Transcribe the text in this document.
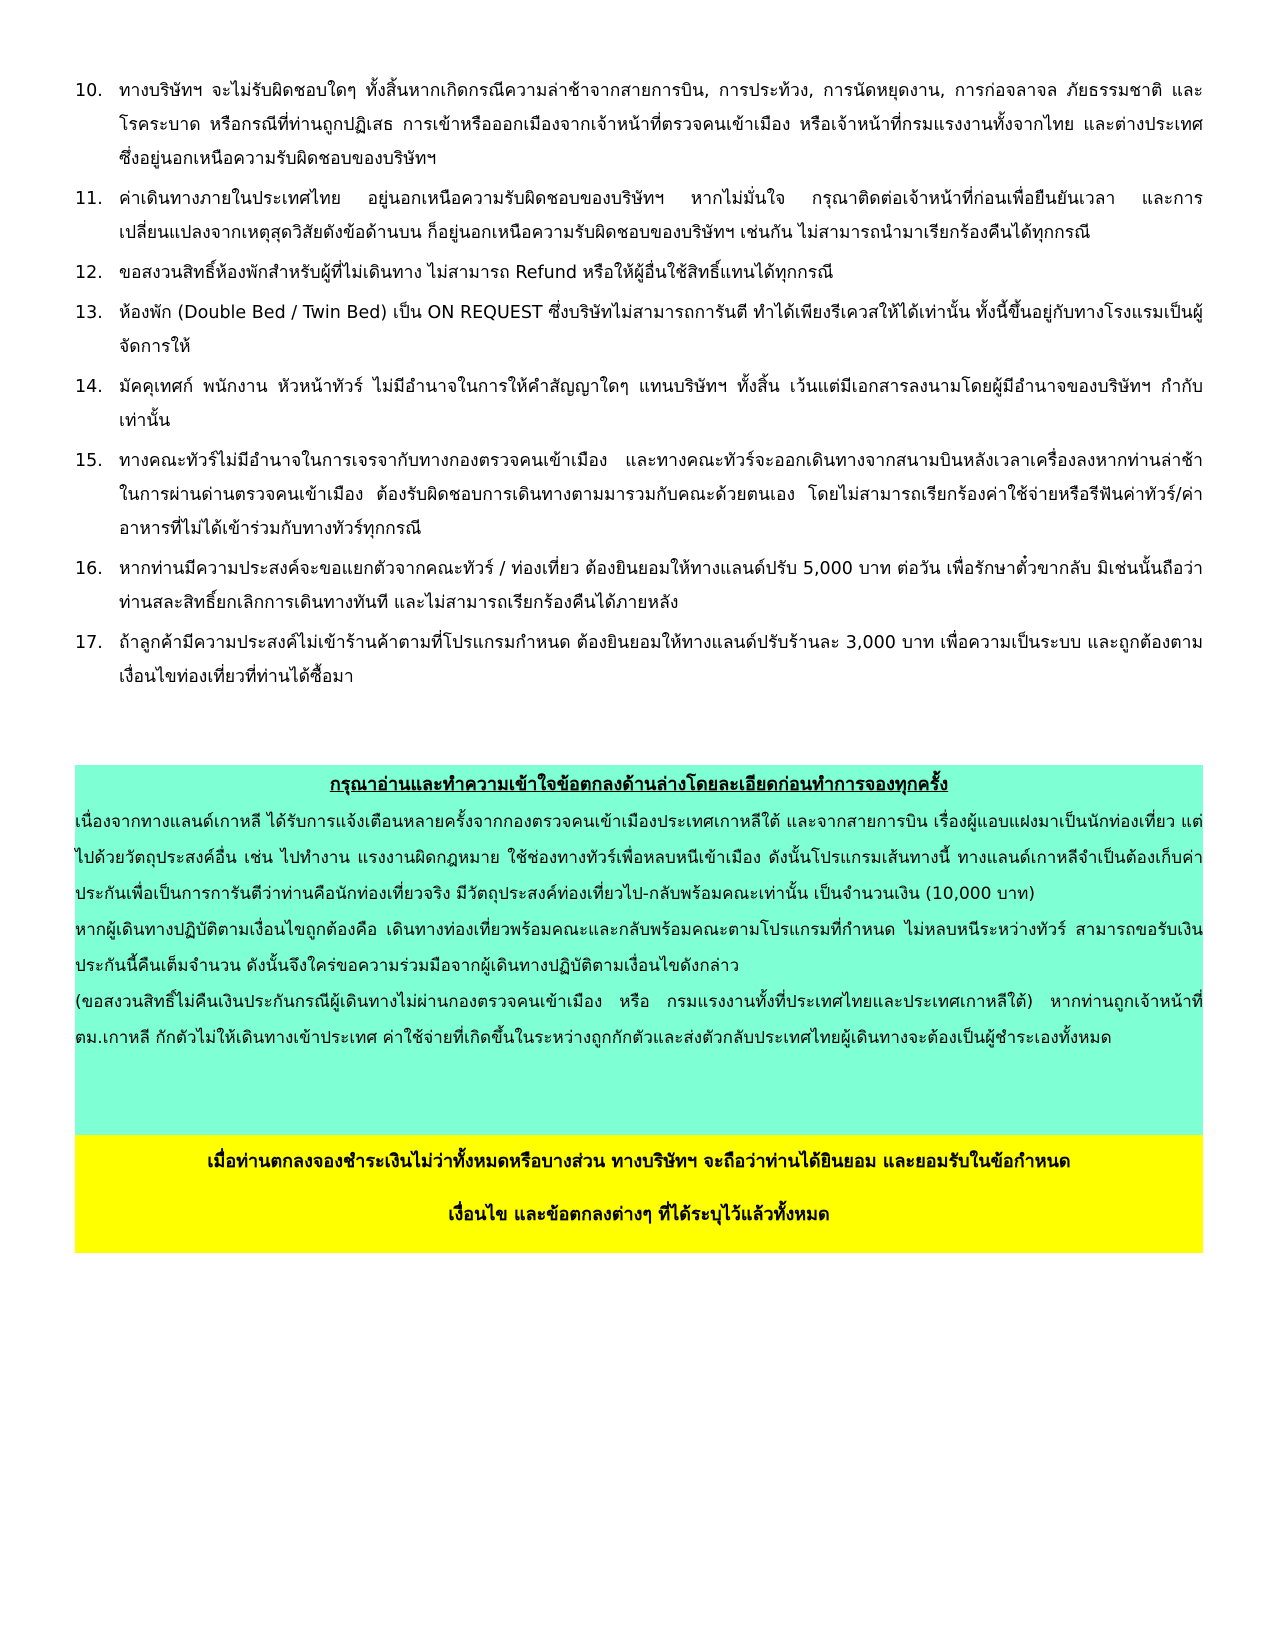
10. ทางบริษัทฯ จะไม่รับผิดชอบใดๆ ทั้งสิ้นหากเกิดกรณีความล่าช้าจากสายการบิน, การประท้วง, การนัดหยุดงาน, การก่อจลาจล ภัยธรรมชาติ และโรคระบาด หรือกรณีที่ท่านถูกปฏิเสธ การเข้าหรือออกเมืองจากเจ้าหน้าที่ตรวจคนเข้าเมือง หรือเจ้าหน้าที่กรมแรงงานทั้งจากไทย และต่างประเทศ ซึ่งอยู่นอกเหนือความรับผิดชอบของบริษัทฯ
11. ค่าเดินทางภายในประเทศไทย อยู่นอกเหนือความรับผิดชอบของบริษัทฯ หากไม่มั่นใจ กรุณาติดต่อเจ้าหน้าที่ก่อนเพื่อยืนยันเวลา และการเปลี่ยนแปลงจากเหตุสุดวิสัยดังข้อด้านบน ก็อยู่นอกเหนือความรับผิดชอบของบริษัทฯ เช่นกัน ไม่สามารถนำมาเรียกร้องคืนได้ทุกกรณี
12. ขอสงวนสิทธิ์ห้องพักสำหรับผู้ที่ไม่เดินทาง ไม่สามารถ Refund หรือให้ผู้อื่นใช้สิทธิ์แทนได้ทุกกรณี
13. ห้องพัก (Double Bed / Twin Bed) เป็น ON REQUEST ซึ่งบริษัทไม่สามารถการันตี ทำได้เพียงรีเควสให้ได้เท่านั้น ทั้งนี้ขึ้นอยู่กับทางโรงแรมเป็นผู้จัดการให้
14. มัคคุเทศก์ พนักงาน หัวหน้าทัวร์ ไม่มีอำนาจในการให้คำสัญญาใดๆ แทนบริษัทฯ ทั้งสิ้น เว้นแต่มีเอกสารลงนามโดยผู้มีอำนาจของบริษัทฯ กำกับเท่านั้น
15. ทางคณะทัวร์ไม่มีอำนาจในการเจรจากับทางกองตรวจคนเข้าเมือง และทางคณะทัวร์จะออกเดินทางจากสนามบินหลังเวลาเครื่องลงหากท่านล่าช้าในการผ่านด่านตรวจคนเข้าเมือง ต้องรับผิดชอบการเดินทางตามมารวมกับคณะด้วยตนเอง โดยไม่สามารถเรียกร้องค่าใช้จ่ายหรือรีฟันค่าทัวร์/ค่าอาหารที่ไม่ได้เข้าร่วมกับทางทัวร์ทุกกรณี
16. หากท่านมีความประสงค์จะขอแยกตัวจากคณะทัวร์ / ท่องเที่ยว ต้องยินยอมให้ทางแลนด์ปรับ 5,000 บาท ต่อวัน เพื่อรักษาตั๋วขากลับ มิเช่นนั้นถือว่าท่านสละสิทธิ์ยกเลิกการเดินทางทันที และไม่สามารถเรียกร้องคืนได้ภายหลัง
17. ถ้าลูกค้ามีความประสงค์ไม่เข้าร้านค้าตามที่โปรแกรมกำหนด ต้องยินยอมให้ทางแลนด์ปรับร้านละ 3,000 บาท เพื่อความเป็นระบบ และถูกต้องตามเงื่อนไขท่องเที่ยวที่ท่านได้ซื้อมา

กรุณาอ่านและทำความเข้าใจข้อตกลงด้านล่างโดยละเอียดก่อนทำการจองทุกครั้ง

เนื่องจากทางแลนด์เกาหลี ได้รับการแจ้งเตือนหลายครั้งจากกองตรวจคนเข้าเมืองประเทศเกาหลีใต้ และจากสายการบิน เรื่องผู้แอบแฝงมาเป็นนักท่องเที่ยว แต่ไปด้วยวัตถุประสงค์อื่น เช่น ไปทำงาน แรงงานผิดกฎหมาย ใช้ช่องทางทัวร์เพื่อหลบหนีเข้าเมือง ดังนั้นโปรแกรมเส้นทางนี้ ทางแลนด์เกาหลีจำเป็นต้องเก็บค่าประกันเพื่อเป็นการการันตีว่าท่านคือนักท่องเที่ยวจริง มีวัตถุประสงค์ท่องเที่ยวไป-กลับพร้อมคณะเท่านั้น เป็นจำนวนเงิน (10,000 บาท)

หากผู้เดินทางปฏิบัติตามเงื่อนไขถูกต้องคือ เดินทางท่องเที่ยวพร้อมคณะและกลับพร้อมคณะตามโปรแกรมที่กำหนด ไม่หลบหนีระหว่างทัวร์ สามารถขอรับเงินประกันนี้คืนเต็มจำนวน ดังนั้นจึงใคร่ขอความร่วมมือจากผู้เดินทางปฏิบัติตามเงื่อนไขดังกล่าว

(ขอสงวนสิทธิ์ไม่คืนเงินประกันกรณีผู้เดินทางไม่ผ่านกองตรวจคนเข้าเมือง หรือ กรมแรงงานทั้งที่ประเทศไทยและประเทศเกาหลีใต้) หากท่านถูกเจ้าหน้าที่ตม.เกาหลี กักตัวไม่ให้เดินทางเข้าประเทศ ค่าใช้จ่ายที่เกิดขึ้นในระหว่างถูกกักตัวและส่งตัวกลับประเทศไทยผู้เดินทางจะต้องเป็นผู้ชำระเองทั้งหมด

เมื่อท่านตกลงจองชำระเงินไม่ว่าทั้งหมดหรือบางส่วน ทางบริษัทฯ จะถือว่าท่านได้ยินยอม และยอมรับในข้อกำหนด

เงื่อนไข และข้อตกลงต่างๆ ที่ได้ระบุไว้แล้วทั้งหมด
